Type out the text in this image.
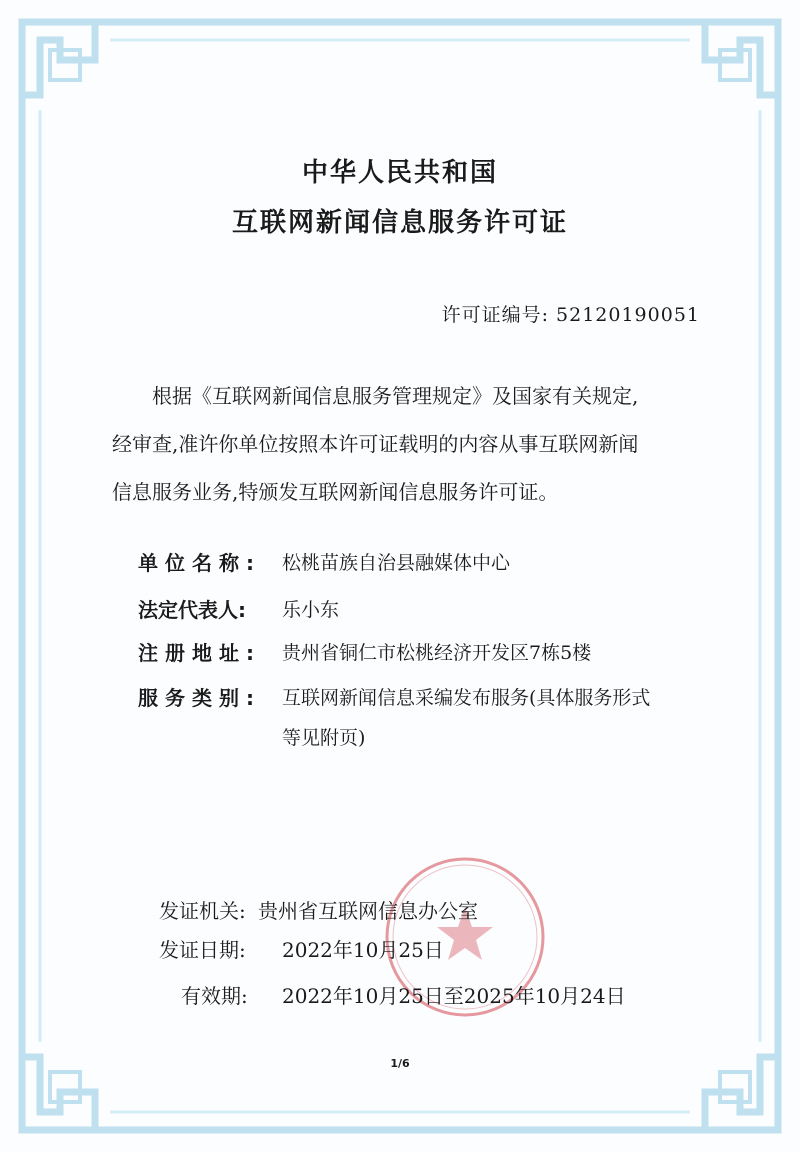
中华人民共和国
互联网新闻信息服务许可证
许可证编号: 52120190051
根据《互联网新闻信息服务管理规定》及国家有关规定,
经审查,准许你单位按照本许可证载明的内容从事互联网新闻
信息服务业务,特颁发互联网新闻信息服务许可证。
单位名称: 松桃苗族自治县融媒体中心
法定代表人: 乐小东
注册地址: 贵州省铜仁市松桃经济开发区7栋5楼
服务类别: 互联网新闻信息采编发布服务(具体服务形式
等见附页)
发证机关: 贵州省互联网信息办公室
发证日期: 2022年10月25日
有效期: 2022年10月25日至2025年10月24日
1/6
